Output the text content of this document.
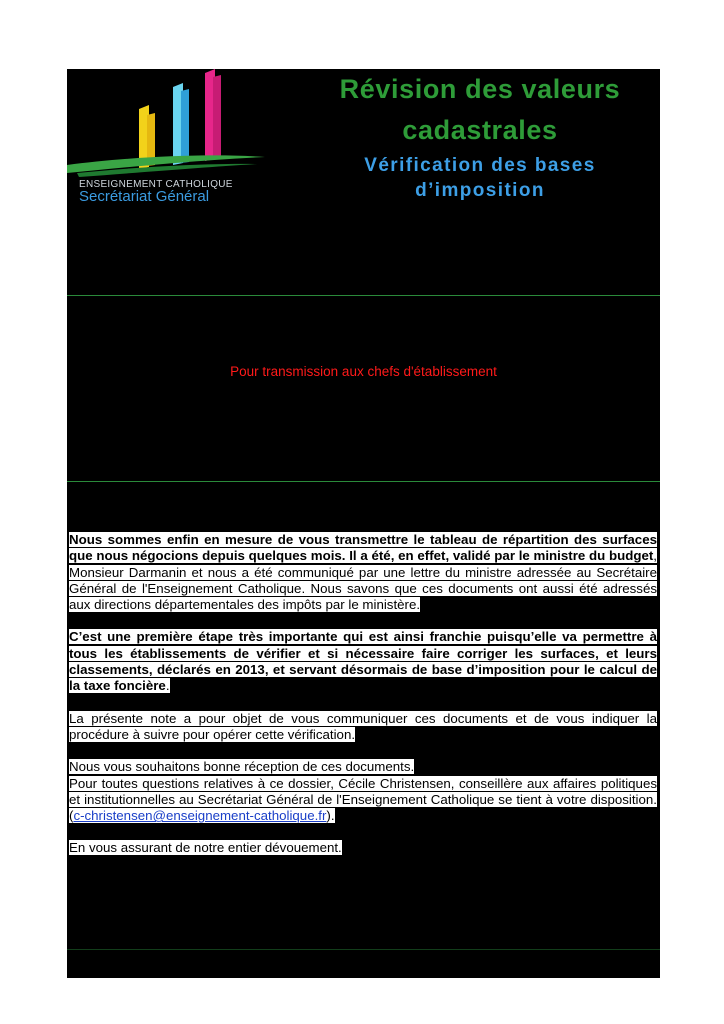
ENSEIGNEMENT CATHOLIQUE
Secrétariat Général
Révision des valeurs
cadastrales
Vérification des bases
d’imposition
Pour transmission aux chefs d'établissement

Nous sommes enfin en mesure de vous transmettre le tableau de répartition des surfaces que nous négocions depuis quelques mois. Il a été, en effet, validé par le ministre du budget, Monsieur Darmanin et nous a été communiqué par une lettre du ministre adressée au Secrétaire Général de l'Enseignement Catholique. Nous savons que ces documents ont aussi été adressés aux directions départementales des impôts par le ministère.

C’est une première étape très importante qui est ainsi franchie puisqu’elle va permettre à tous les établissements de vérifier et si nécessaire faire corriger les surfaces, et leurs classements, déclarés en 2013, et servant désormais de base d’imposition pour le calcul de la taxe foncière.

La présente note a pour objet de vous communiquer ces documents et de vous indiquer la procédure à suivre pour opérer cette vérification.

Nous vous souhaitons bonne réception de ces documents.
Pour toutes questions relatives à ce dossier, Cécile Christensen, conseillère aux affaires politiques et institutionnelles au Secrétariat Général de l'Enseignement Catholique se tient à votre disposition. (c-christensen@enseignement-catholique.fr).

En vous assurant de notre entier dévouement.
